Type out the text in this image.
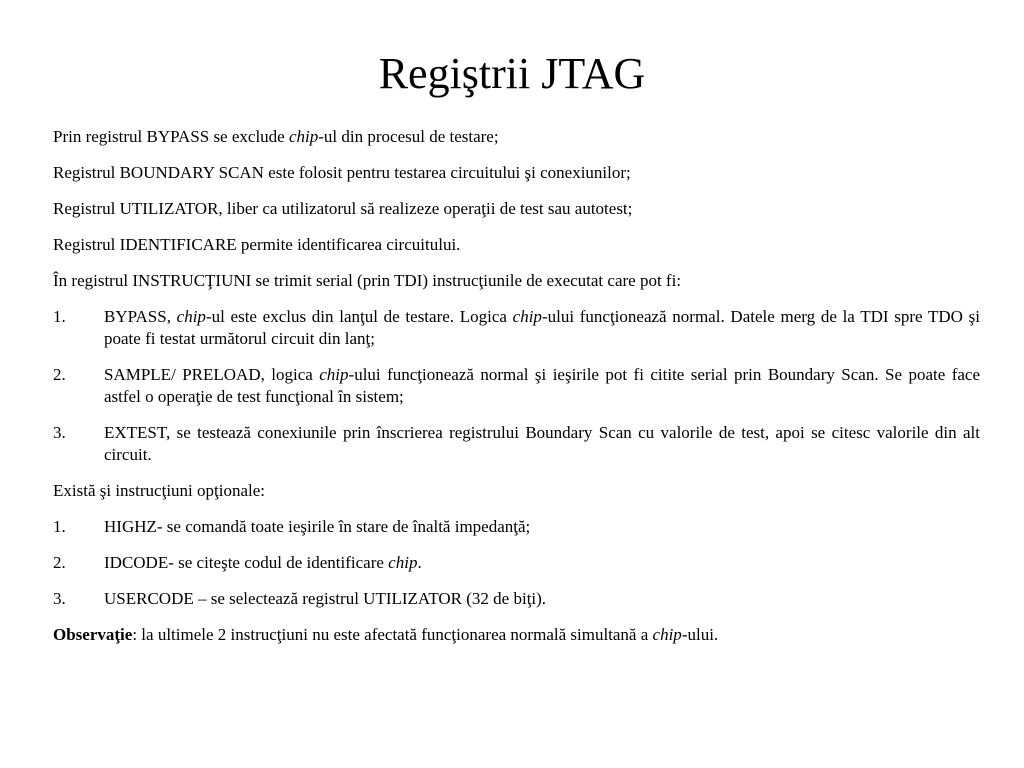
Regiştrii JTAG

Prin registrul BYPASS se exclude chip-ul din procesul de testare;

Registrul BOUNDARY SCAN este folosit pentru testarea circuitului şi conexiunilor;

Registrul UTILIZATOR, liber ca utilizatorul să realizeze operaţii de test sau autotest;

Registrul IDENTIFICARE permite identificarea circuitului.

În registrul INSTRUCŢIUNI se trimit serial (prin TDI) instrucţiunile de executat care pot fi:

1.	BYPASS, chip-ul este exclus din lanţul de testare. Logica chip-ului funcţionează normal. Datele merg de la TDI spre TDO şi poate fi testat următorul circuit din lanţ;
2.	SAMPLE/ PRELOAD, logica chip-ului funcţionează normal şi ieşirile pot fi citite serial prin Boundary Scan. Se poate face astfel o operaţie de test funcţional în sistem;
3.	EXTEST, se testează conexiunile prin înscrierea registrului Boundary Scan cu valorile de test, apoi se citesc valorile din alt circuit.

Există şi instrucţiuni opţionale:

1.	HIGHZ- se comandă toate ieşirile în stare de înaltă impedanţă;
2.	IDCODE- se citeşte codul de identificare chip.
3.	USERCODE – se selectează registrul UTILIZATOR (32 de biţi).

Observaţie: la ultimele 2 instrucţiuni nu este afectată funcţionarea normală simultană a chip-ului.
